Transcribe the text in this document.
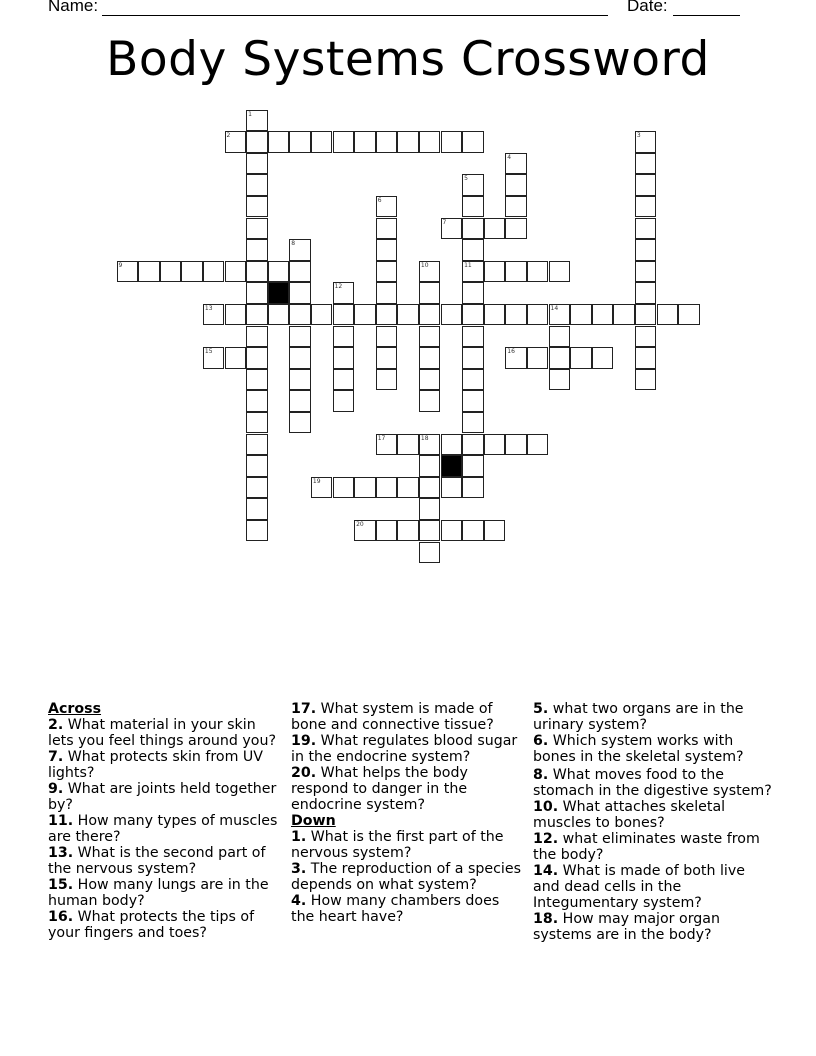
Name:	Date:
Body Systems Crossword
1
2	3
4
5
11
6
7
8
9	10
12
13	14
15	16
17	18
19
20
Across
2. What material in your skin lets you feel things around you?
7. What protects skin from UV lights?
9. What are joints held together by?
11. How many types of muscles are there?
13. What is the second part of the nervous system?
15. How many lungs are in the human body?
16. What protects the tips of your fingers and toes?
17. What system is made of bone and connective tissue?
19. What regulates blood sugar in the endocrine system?
20. What helps the body respond to danger in the endocrine system?
Down
1. What is the first part of the nervous system?
3. The reproduction of a species depends on what system?
4. How many chambers does the heart have?
5. what two organs are in the urinary system?
6. Which system works with bones in the skeletal system?
8. What moves food to the stomach in the digestive system?
10. What attaches skeletal muscles to bones?
12. what eliminates waste from the body?
14. What is made of both live and dead cells in the Integumentary system?
18. How may major organ systems are in the body?
